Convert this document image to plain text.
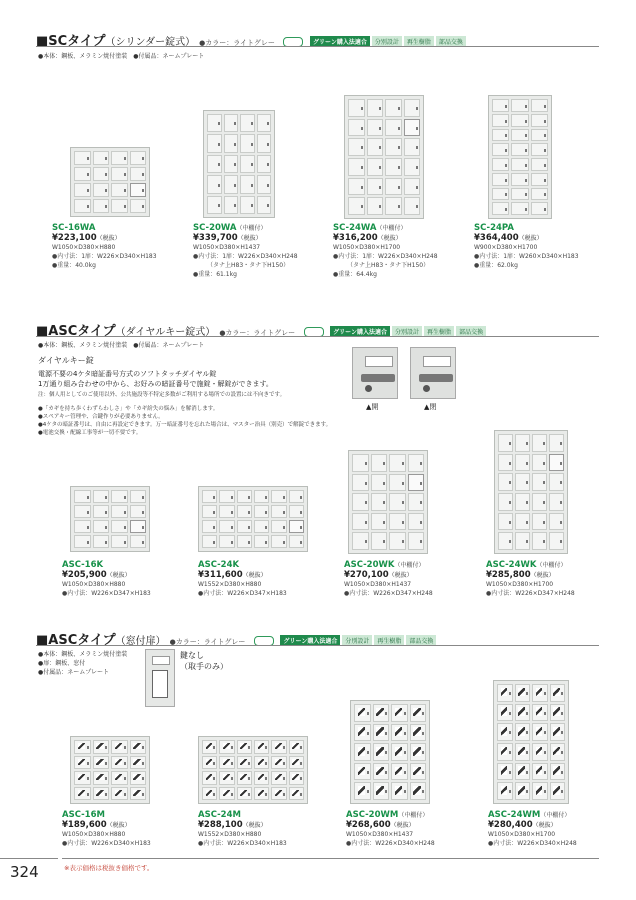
■SCタイプ（シリンダー錠式） ●カラー：ライトグレー	グリーン購入法適合 分別設計 再生樹脂 部品交換
●本体：鋼板、メラミン焼付塗装　●付属品：ネームプレート
SC-16WA
¥223,100（税抜）
W1050×D380×H880
●内寸法：1扉：W226×D340×H183
●重量：40.0kg
SC-20WA（中棚付）
¥339,700（税抜）
W1050×D380×H1437
●内寸法：1扉：W226×D340×H248
（タナ上H83・タナ下H150）
●重量：61.1kg
SC-24WA（中棚付）
¥316,200（税抜）
W1050×D380×H1700
●内寸法：1扉：W226×D340×H248
（タナ上H83・タナ下H150）
●重量：64.4kg
SC-24PA
¥364,400（税抜）
W900×D380×H1700
●内寸法：1扉：W260×D340×H183
●重量：62.0kg
■ASCタイプ（ダイヤルキー錠式） ●カラー：ライトグレー	グリーン購入法適合 分別設計 再生樹脂 部品交換
●本体：鋼板、メラミン焼付塗装　●付属品：ネームプレート
ダイヤルキー錠
電源不要の4ケタ暗証番号方式のソフトタッチダイヤル錠
1万通り組み合わせの中から、お好みの暗証番号で施錠・解錠ができます。
注：個人用としてのご使用以外、公共施設等不特定多数がご利用する場所での設置には不向きです。
●「カギを持ち歩くわずらわしさ」や「カギ紛失の悩み」を解消します。
●スペアキー管理や、合鍵作りが必要ありません。
●4ケタの暗証番号は、自由に再設定できます。万一暗証番号を忘れた場合は、マスター治具（別売）で解錠できます。
●電池交換・配線工事等が一切不要です。
▲開	▲閉
ASC-16K
¥205,900（税抜）
W1050×D380×H880
●内寸法：W226×D347×H183
ASC-24K
¥311,600（税抜）
W1552×D380×H880
●内寸法：W226×D347×H183
ASC-20WK（中棚付）
¥270,100（税抜）
W1050×D380×H1437
●内寸法：W226×D347×H248
ASC-24WK（中棚付）
¥285,800（税抜）
W1050×D380×H1700
●内寸法：W226×D347×H248
■ASCタイプ（窓付扉） ●カラー：ライトグレー	グリーン購入法適合 分別設計 再生樹脂 部品交換
●本体：鋼板、メラミン焼付塗装
●扉：鋼板、窓付
●付属品：ネームプレート
鍵なし
（取手のみ）
ASC-16M
¥189,600（税抜）
W1050×D380×H880
●内寸法：W226×D340×H183
ASC-24M
¥288,100（税抜）
W1552×D380×H880
●内寸法：W226×D340×H183
ASC-20WM（中棚付）
¥268,600（税抜）
W1050×D380×H1437
●内寸法：W226×D340×H248
ASC-24WM（中棚付）
¥280,400（税抜）
W1050×D380×H1700
●内寸法：W226×D340×H248
324	※表示価格は税抜き価格です。
